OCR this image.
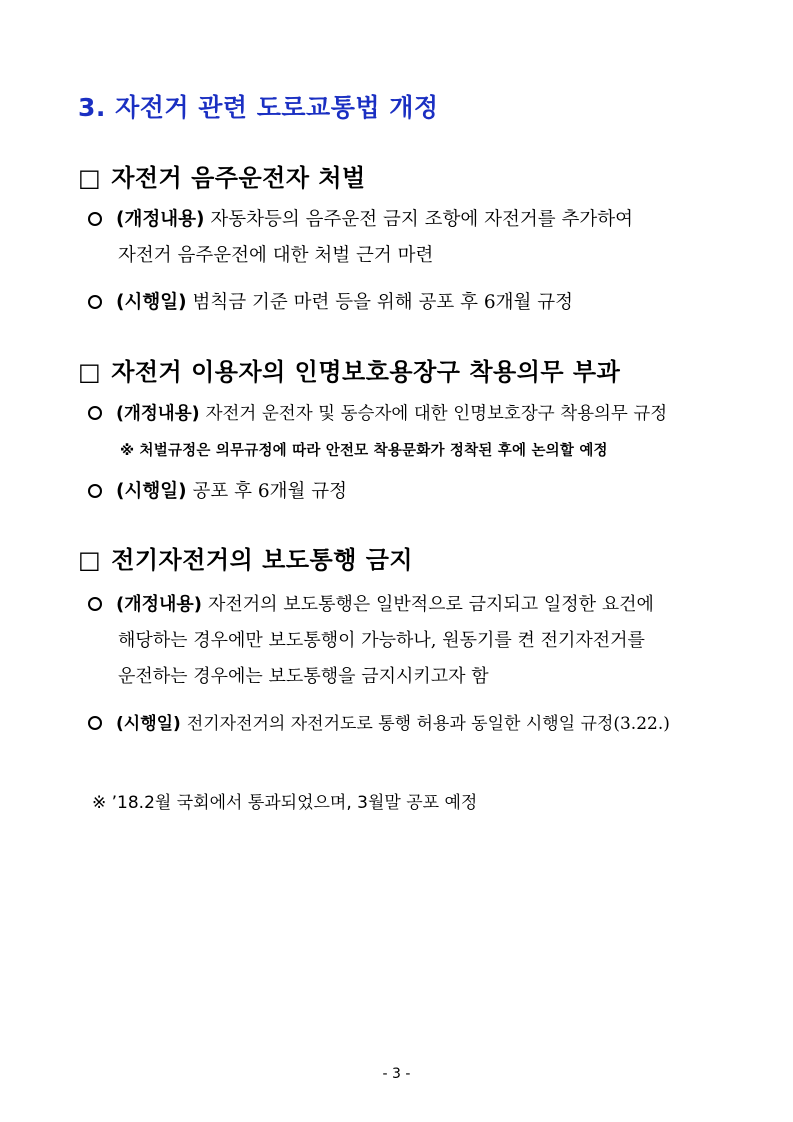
3. 자전거 관련 도로교통법 개정
□ 자전거 음주운전자 처벌
(개정내용) 자동차등의 음주운전 금지 조항에 자전거를 추가하여
자전거 음주운전에 대한 처벌 근거 마련
(시행일) 범칙금 기준 마련 등을 위해 공포 후 6개월 규정
□ 자전거 이용자의 인명보호용장구 착용의무 부과
(개정내용) 자전거 운전자 및 동승자에 대한 인명보호장구 착용의무 규정
※ 처벌규정은 의무규정에 따라 안전모 착용문화가 정착된 후에 논의할 예정
(시행일) 공포 후 6개월 규정
□ 전기자전거의 보도통행 금지
(개정내용) 자전거의 보도통행은 일반적으로 금지되고 일정한 요건에
해당하는 경우에만 보도통행이 가능하나, 원동기를 켠 전기자전거를
운전하는 경우에는 보도통행을 금지시키고자 함
(시행일) 전기자전거의 자전거도로 통행 허용과 동일한 시행일 규정(3.22.)
※ ’18.2월 국회에서 통과되었으며, 3월말 공포 예정
- 3 -
